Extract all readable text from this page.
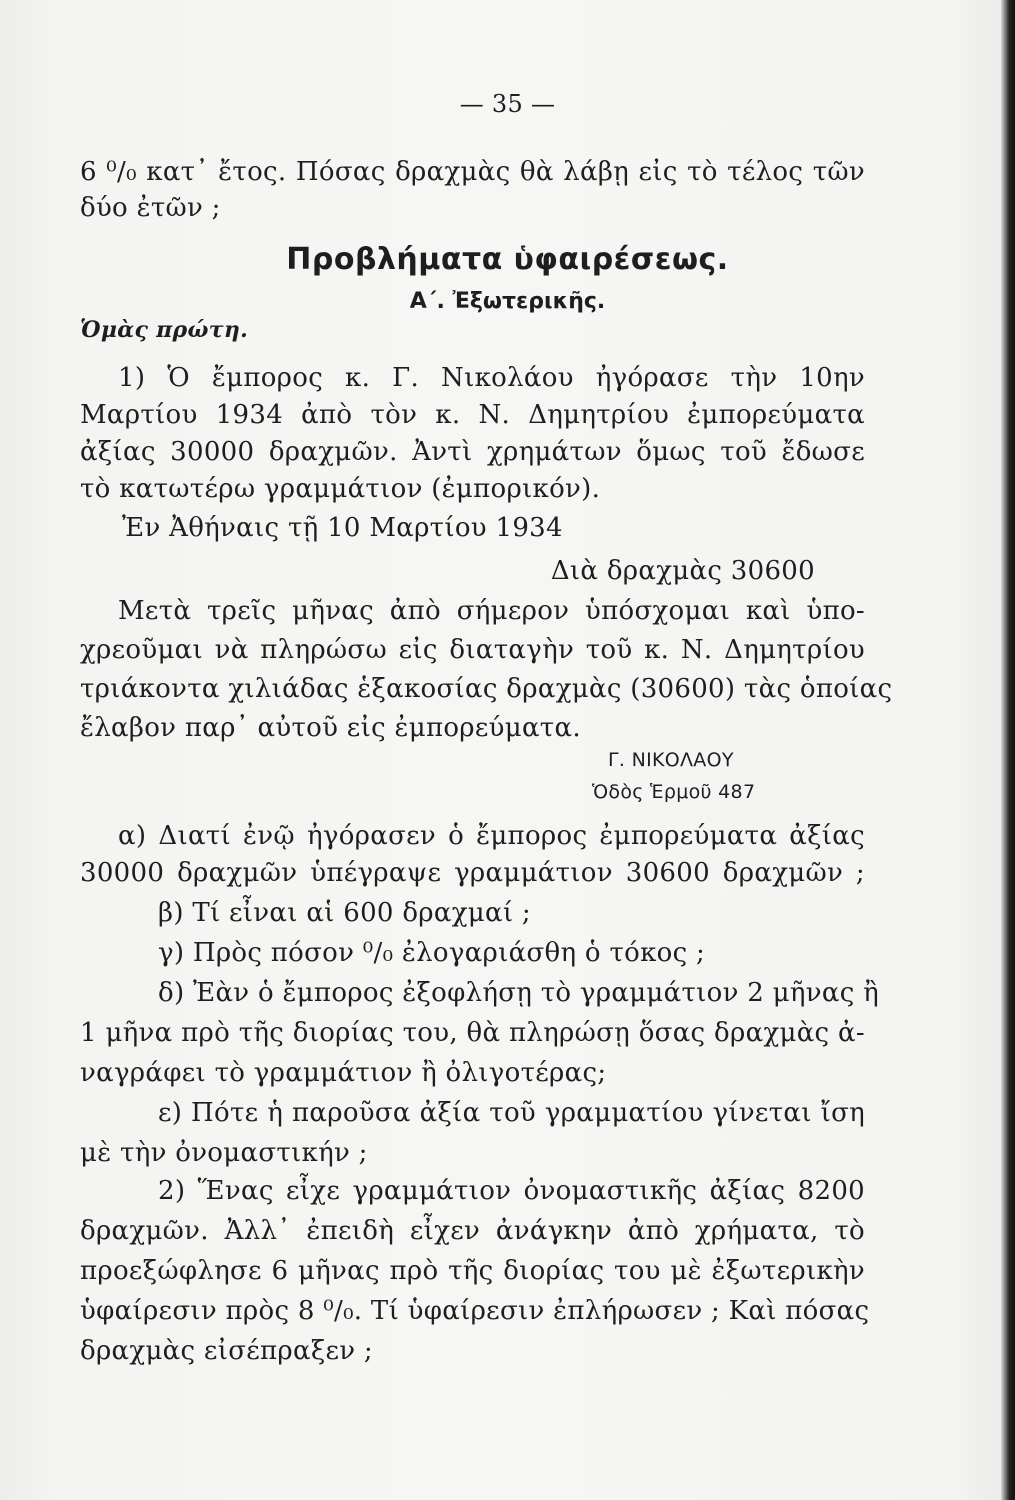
— 35 —
6 ⁰/₀ κατ᾽ ἔτος. Πόσας δραχμὰς θὰ λάβῃ εἰς τὸ τέλος τῶν
δύο ἐτῶν ;
Προβλήματα ὑφαιρέσεως.
Α΄. Ἐξωτερικῆς.
Ὁμὰς πρώτη.
1) Ὁ ἔμπορος κ. Γ. Νικολάου ἠγόρασε τὴν 10ην
Μαρτίου 1934 ἀπὸ τὸν κ. Ν. Δημητρίου ἐμπορεύματα
ἀξίας 30000 δραχμῶν. Ἀντὶ χρημάτων ὅμως τοῦ ἔδωσε
τὸ κατωτέρω γραμμάτιον (ἐμπορικόν).
Ἐν Ἀθήναις τῇ 10 Μαρτίου 1934
Διὰ δραχμὰς 30600
Μετὰ τρεῖς μῆνας ἀπὸ σήμερον ὑπόσχομαι καὶ ὑπο-
χρεοῦμαι νὰ πληρώσω εἰς διαταγὴν τοῦ κ. Ν. Δημητρίου
τριάκοντα χιλιάδας ἑξακοσίας δραχμὰς (30600) τὰς ὁποίας
ἔλαβον παρ᾽ αὐτοῦ εἰς ἐμπορεύματα.
Γ. ΝΙΚΟΛΑΟΥ
Ὁδὸς Ἑρμοῦ 487
α) Διατί ἐνῷ ἠγόρασεν ὁ ἔμπορος ἐμπορεύματα ἀξίας
30000 δραχμῶν ὑπέγραψε γραμμάτιον 30600 δραχμῶν ;
β) Τί εἶναι αἱ 600 δραχμαί ;
γ) Πρὸς πόσον ⁰/₀ ἐλογαριάσθη ὁ τόκος ;
δ) Ἐὰν ὁ ἔμπορος ἐξοφλήσῃ τὸ γραμμάτιον 2 μῆνας ἢ
1 μῆνα πρὸ τῆς διορίας του, θὰ πληρώσῃ ὅσας δραχμὰς ἀ-
ναγράφει τὸ γραμμάτιον ἢ ὀλιγοτέρας;
ε) Πότε ἡ παροῦσα ἀξία τοῦ γραμματίου γίνεται ἴση
μὲ τὴν ὀνομαστικήν ;
2) Ἕνας εἶχε γραμμάτιον ὀνομαστικῆς ἀξίας 8200
δραχμῶν. Ἀλλ᾽ ἐπειδὴ εἶχεν ἀνάγκην ἀπὸ χρήματα, τὸ
προεξώφλησε 6 μῆνας πρὸ τῆς διορίας του μὲ ἐξωτερικὴν
ὑφαίρεσιν πρὸς 8 ⁰/₀. Τί ὑφαίρεσιν ἐπλήρωσεν ; Καὶ πόσας
δραχμὰς εἰσέπραξεν ;
